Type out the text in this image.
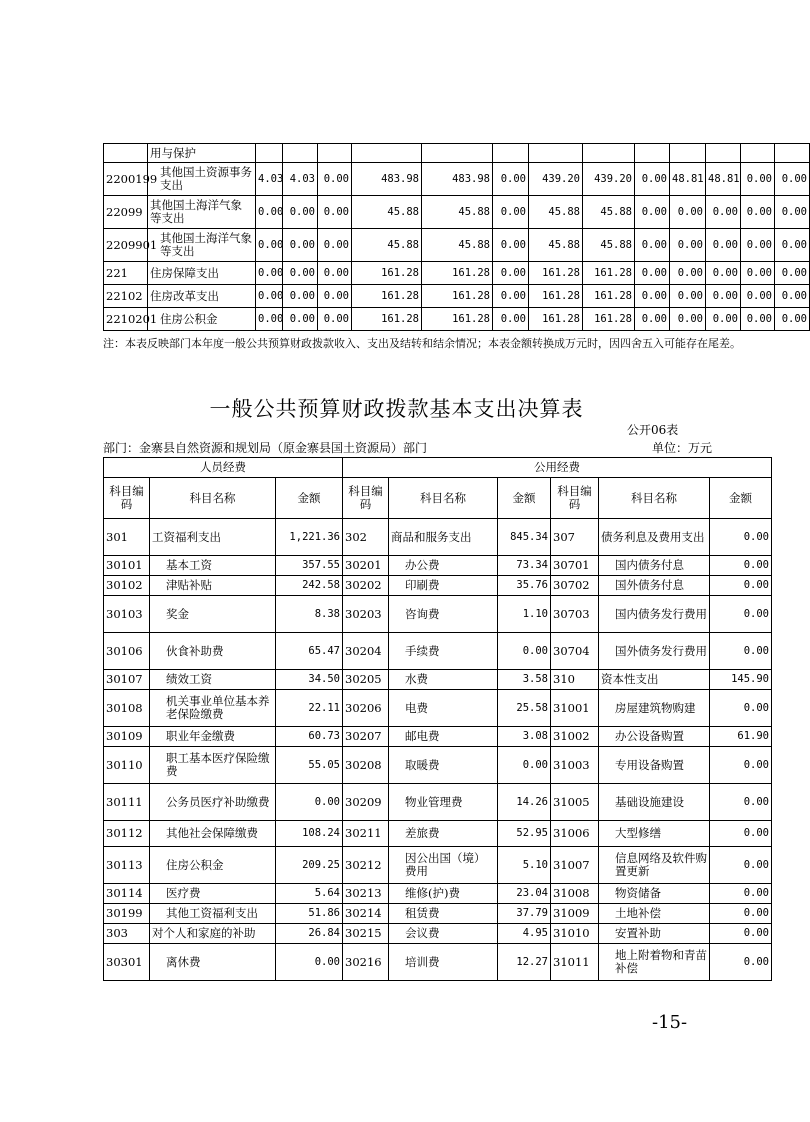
	用与保护													
2200199	其他国土资源事务支出	4.03	4.03	0.00	483.98	483.98	0.00	439.20	439.20	0.00	48.81	48.81	0.00	0.00
22099	其他国土海洋气象等支出	0.00	0.00	0.00	45.88	45.88	0.00	45.88	45.88	0.00	0.00	0.00	0.00	0.00
2209901	其他国土海洋气象等支出	0.00	0.00	0.00	45.88	45.88	0.00	45.88	45.88	0.00	0.00	0.00	0.00	0.00
221	住房保障支出	0.00	0.00	0.00	161.28	161.28	0.00	161.28	161.28	0.00	0.00	0.00	0.00	0.00
22102	住房改革支出	0.00	0.00	0.00	161.28	161.28	0.00	161.28	161.28	0.00	0.00	0.00	0.00	0.00
2210201	住房公积金	0.00	0.00	0.00	161.28	161.28	0.00	161.28	161.28	0.00	0.00	0.00	0.00	0.00
注：本表反映部门本年度一般公共预算财政拨款收入、支出及结转和结余情况；本表金额转换成万元时，因四舍五入可能存在尾差。
一般公共预算财政拨款基本支出决算表
公开06表
部门：金寨县自然资源和规划局（原金寨县国土资源局）部门	单位：万元
人员经费			公用经费					
科目编码	科目名称	金额	科目编码	科目名称	金额	科目编码	科目名称	金额
301	工资福利支出	1,221.36	302	商品和服务支出	845.34	307	债务利息及费用支出	0.00
30101	基本工资	357.55	30201	办公费	73.34	30701	国内债务付息	0.00
30102	津贴补贴	242.58	30202	印刷费	35.76	30702	国外债务付息	0.00
30103	奖金	8.38	30203	咨询费	1.10	30703	国内债务发行费用	0.00
30106	伙食补助费	65.47	30204	手续费	0.00	30704	国外债务发行费用	0.00
30107	绩效工资	34.50	30205	水费	3.58	310	资本性支出	145.90
30108	机关事业单位基本养老保险缴费	22.11	30206	电费	25.58	31001	房屋建筑物购建	0.00
30109	职业年金缴费	60.73	30207	邮电费	3.08	31002	办公设备购置	61.90
30110	职工基本医疗保险缴费	55.05	30208	取暖费	0.00	31003	专用设备购置	0.00
30111	公务员医疗补助缴费	0.00	30209	物业管理费	14.26	31005	基础设施建设	0.00
30112	其他社会保障缴费	108.24	30211	差旅费	52.95	31006	大型修缮	0.00
30113	住房公积金	209.25	30212	因公出国（境）费用	5.10	31007	信息网络及软件购置更新	0.00
30114	医疗费	5.64	30213	维修(护)费	23.04	31008	物资储备	0.00
30199	其他工资福利支出	51.86	30214	租赁费	37.79	31009	土地补偿	0.00
303	对个人和家庭的补助	26.84	30215	会议费	4.95	31010	安置补助	0.00
30301	离休费	0.00	30216	培训费	12.27	31011	地上附着物和青苗补偿	0.00
-15-
